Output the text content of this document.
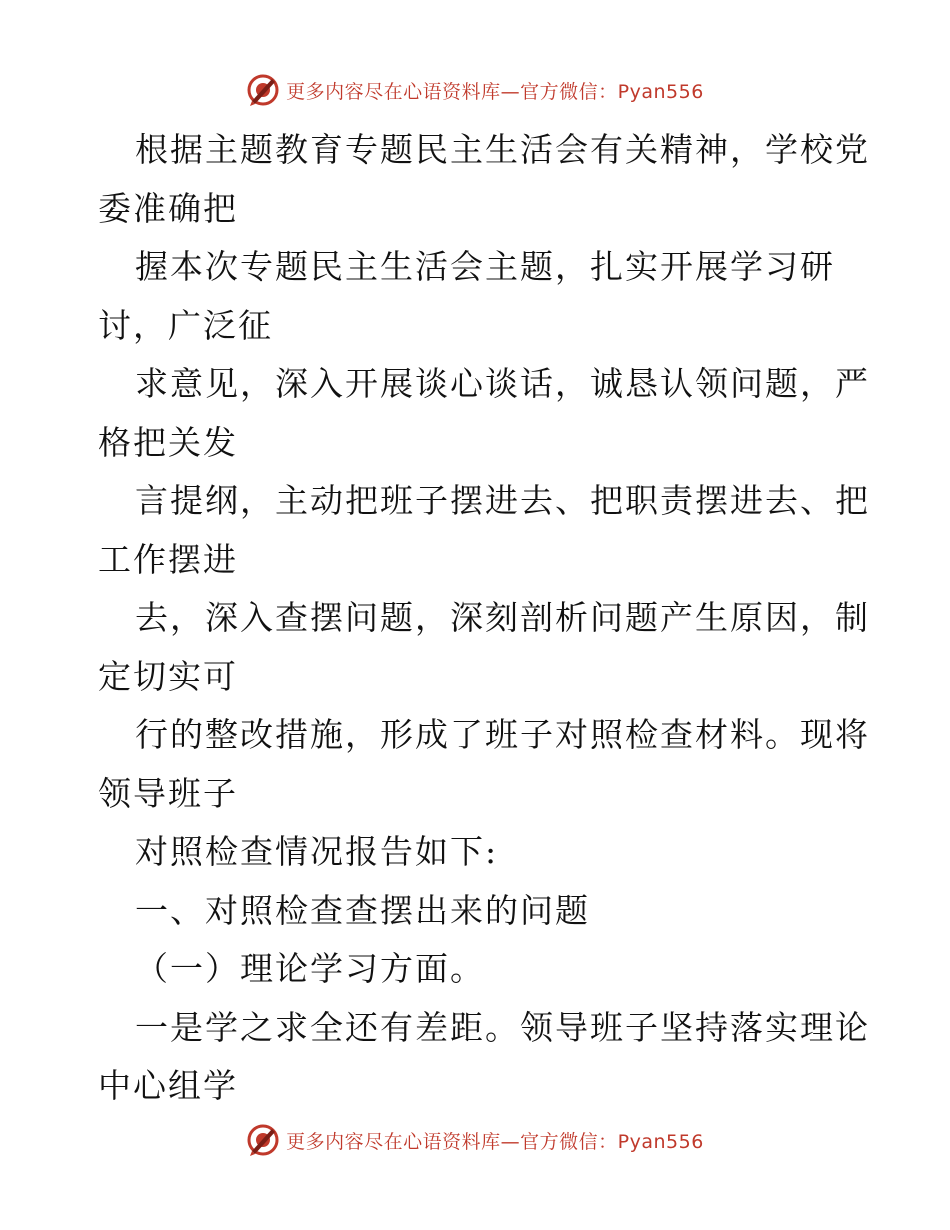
更多内容尽在心语资料库—官方微信：Pyan556
根据主题教育专题民主生活会有关精神，学校党
委准确把
握本次专题民主生活会主题，扎实开展学习研
讨，广泛征
求意见，深入开展谈心谈话，诚恳认领问题，严
格把关发
言提纲，主动把班子摆进去、把职责摆进去、把
工作摆进
去，深入查摆问题，深刻剖析问题产生原因，制
定切实可
行的整改措施，形成了班子对照检查材料。现将
领导班子
对照检查情况报告如下:
一、对照检查查摆出来的问题
（一）理论学习方面。
一是学之求全还有差距。领导班子坚持落实理论
中心组学
更多内容尽在心语资料库—官方微信：Pyan556
